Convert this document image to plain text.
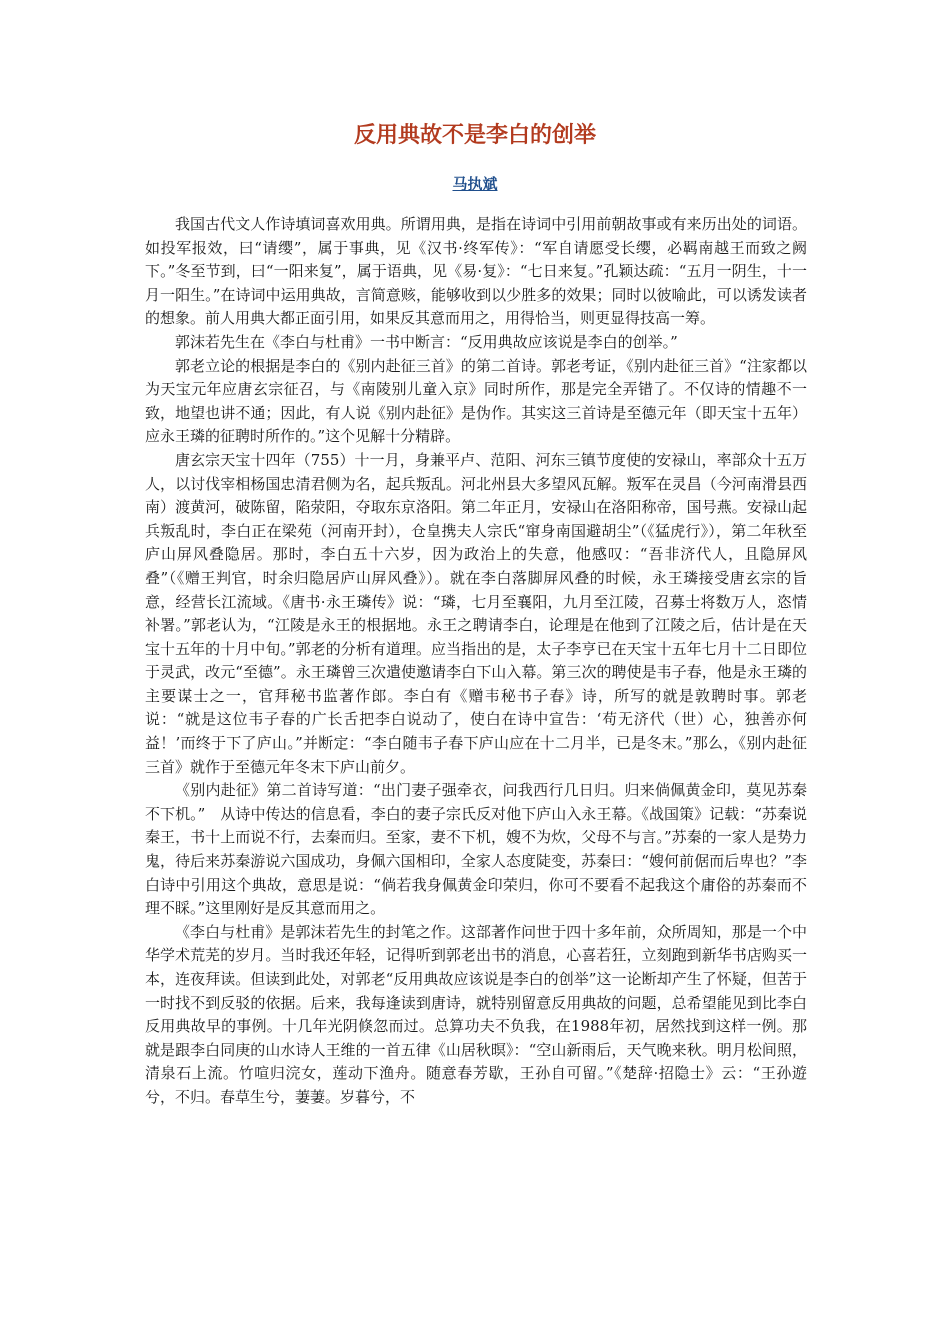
反用典故不是李白的创举
马执斌

我国古代文人作诗填词喜欢用典。所谓用典，是指在诗词中引用前朝故事或有来历出处的词语。如投军报效，曰“请缨”，属于事典，见《汉书·终军传》：“军自请愿受长缨，必羁南越王而致之阙下。”冬至节到，曰“一阳来复”，属于语典，见《易·复》：“七日来复。”孔颖达疏：“五月一阴生，十一月一阳生。”在诗词中运用典故，言简意赅，能够收到以少胜多的效果；同时以彼喻此，可以诱发读者的想象。前人用典大都正面引用，如果反其意而用之，用得恰当，则更显得技高一筹。

郭沫若先生在《李白与杜甫》一书中断言：“反用典故应该说是李白的创举。”

郭老立论的根据是李白的《别内赴征三首》的第二首诗。郭老考证，《别内赴征三首》“注家都以为天宝元年应唐玄宗征召，与《南陵别儿童入京》同时所作，那是完全弄错了。不仅诗的情趣不一致，地望也讲不通；因此，有人说《别内赴征》是伪作。其实这三首诗是至德元年（即天宝十五年）应永王璘的征聘时所作的。”这个见解十分精辟。

唐玄宗天宝十四年（755）十一月，身兼平卢、范阳、河东三镇节度使的安禄山，率部众十五万人，以讨伐宰相杨国忠清君侧为名，起兵叛乱。河北州县大多望风瓦解。叛军在灵昌（今河南滑县西南）渡黄河，破陈留，陷荥阳，夺取东京洛阳。第二年正月，安禄山在洛阳称帝，国号燕。安禄山起兵叛乱时，李白正在梁苑（河南开封），仓皇携夫人宗氏“窜身南国避胡尘”（《猛虎行》），第二年秋至庐山屏风叠隐居。那时，李白五十六岁，因为政治上的失意，他感叹：“吾非济代人，且隐屏风叠”（《赠王判官，时余归隐居庐山屏风叠》）。就在李白落脚屏风叠的时候，永王璘接受唐玄宗的旨意，经营长江流域。《唐书·永王璘传》说：“璘，七月至襄阳，九月至江陵，召募士将数万人，恣情补署。”郭老认为，“江陵是永王的根据地。永王之聘请李白，论理是在他到了江陵之后，估计是在天宝十五年的十月中旬。”郭老的分析有道理。应当指出的是，太子李亨已在天宝十五年七月十二日即位于灵武，改元“至德”。永王璘曾三次遣使邀请李白下山入幕。第三次的聘使是韦子春，他是永王璘的主要谋士之一，官拜秘书监著作郎。李白有《赠韦秘书子春》诗，所写的就是敦聘时事。郭老说：“就是这位韦子春的广长舌把李白说动了，使白在诗中宣告：‘苟无济代（世）心，独善亦何益！’而终于下了庐山。”并断定：“李白随韦子春下庐山应在十二月半，已是冬末。”那么，《别内赴征三首》就作于至德元年冬末下庐山前夕。

《别内赴征》第二首诗写道：“出门妻子强牵衣，问我西行几日归。归来倘佩黄金印，莫见苏秦不下机。”　从诗中传达的信息看，李白的妻子宗氏反对他下庐山入永王幕。《战国策》记载：“苏秦说秦王，书十上而说不行，去秦而归。至家，妻不下机，嫂不为炊，父母不与言。”苏秦的一家人是势力鬼，待后来苏秦游说六国成功，身佩六国相印，全家人态度陡变，苏秦曰：“嫂何前倨而后卑也？”李白诗中引用这个典故，意思是说：“倘若我身佩黄金印荣归，你可不要看不起我这个庸俗的苏秦而不理不睬。”这里刚好是反其意而用之。

《李白与杜甫》是郭沫若先生的封笔之作。这部著作问世于四十多年前，众所周知，那是一个中华学术荒芜的岁月。当时我还年轻，记得听到郭老出书的消息，心喜若狂，立刻跑到新华书店购买一本，连夜拜读。但读到此处，对郭老“反用典故应该说是李白的创举”这一论断却产生了怀疑，但苦于一时找不到反驳的依据。后来，我每逢读到唐诗，就特别留意反用典故的问题，总希望能见到比李白反用典故早的事例。十几年光阴倏忽而过。总算功夫不负我，在1988年初，居然找到这样一例。那就是跟李白同庚的山水诗人王维的一首五律《山居秋暝》：“空山新雨后，天气晚来秋。明月松间照，清泉石上流。竹喧归浣女，莲动下渔舟。随意春芳歇，王孙自可留。”《楚辞·招隐士》云：“王孙遊兮，不归。春草生兮，萋萋。岁暮兮，不
